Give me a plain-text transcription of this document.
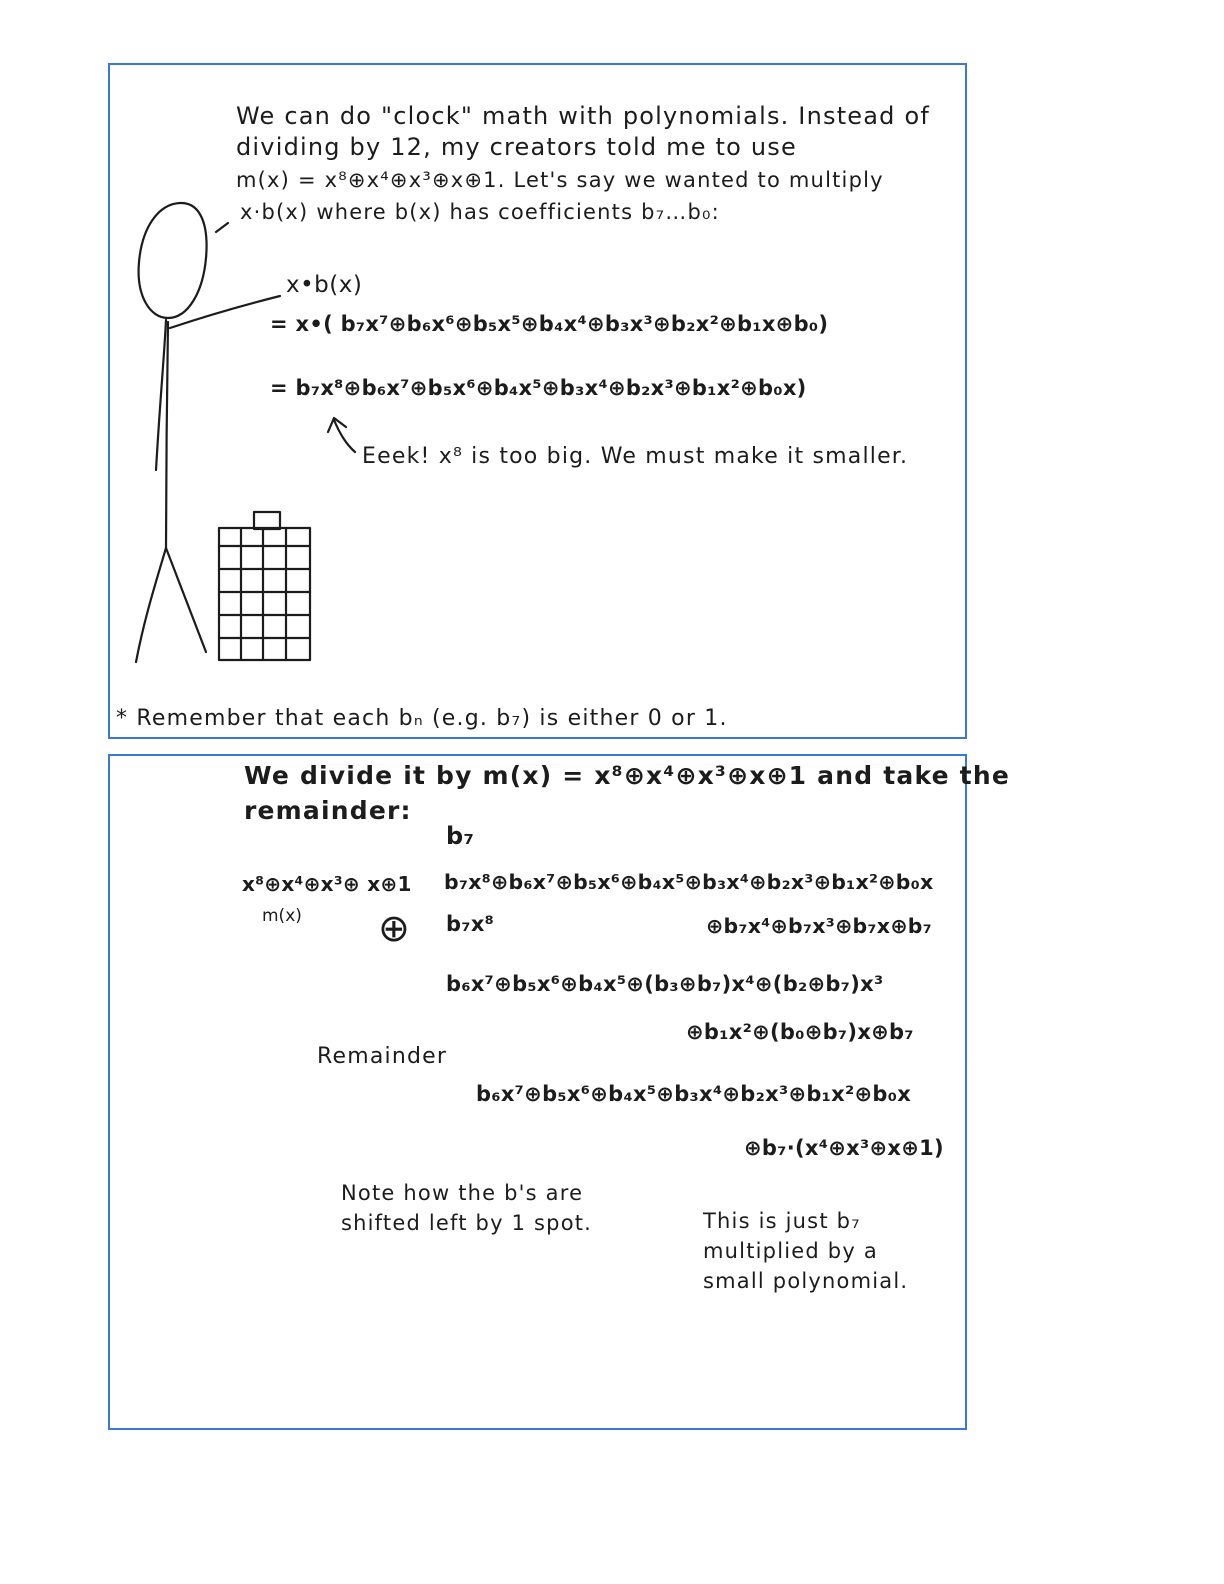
We can do "clock" math with polynomials. Instead of
dividing by 12, my creators told me to use
m(x) = x⁸⊕x⁴⊕x³⊕x⊕1. Let's say we wanted to multiply
x·b(x) where b(x) has coefficients b₇…b₀:
x•b(x)
= x•( b₇x⁷⊕b₆x⁶⊕b₅x⁵⊕b₄x⁴⊕b₃x³⊕b₂x²⊕b₁x⊕b₀)
= b₇x⁸⊕b₆x⁷⊕b₅x⁶⊕b₄x⁵⊕b₃x⁴⊕b₂x³⊕b₁x²⊕b₀x)
Eeek! x⁸ is too big. We must make it smaller.
* Remember that each bₙ (e.g. b₇) is either 0 or 1.
We divide it by m(x) = x⁸⊕x⁴⊕x³⊕x⊕1 and take the
remainder:
b₇
x⁸⊕x⁴⊕x³⊕ x⊕1
m(x)
b₇x⁸⊕b₆x⁷⊕b₅x⁶⊕b₄x⁵⊕b₃x⁴⊕b₂x³⊕b₁x²⊕b₀x
⊕ b₇x⁸	⊕b₇x⁴⊕b₇x³⊕b₇x⊕b₇
b₆x⁷⊕b₅x⁶⊕b₄x⁵⊕(b₃⊕b₇)x⁴⊕(b₂⊕b₇)x³
⊕b₁x²⊕(b₀⊕b₇)x⊕b₇
Remainder
b₆x⁷⊕b₅x⁶⊕b₄x⁵⊕b₃x⁴⊕b₂x³⊕b₁x²⊕b₀x
⊕b₇·(x⁴⊕x³⊕x⊕1)
Note how the b's are
shifted left by 1 spot.	This is just b₇
multiplied by a
small polynomial.
